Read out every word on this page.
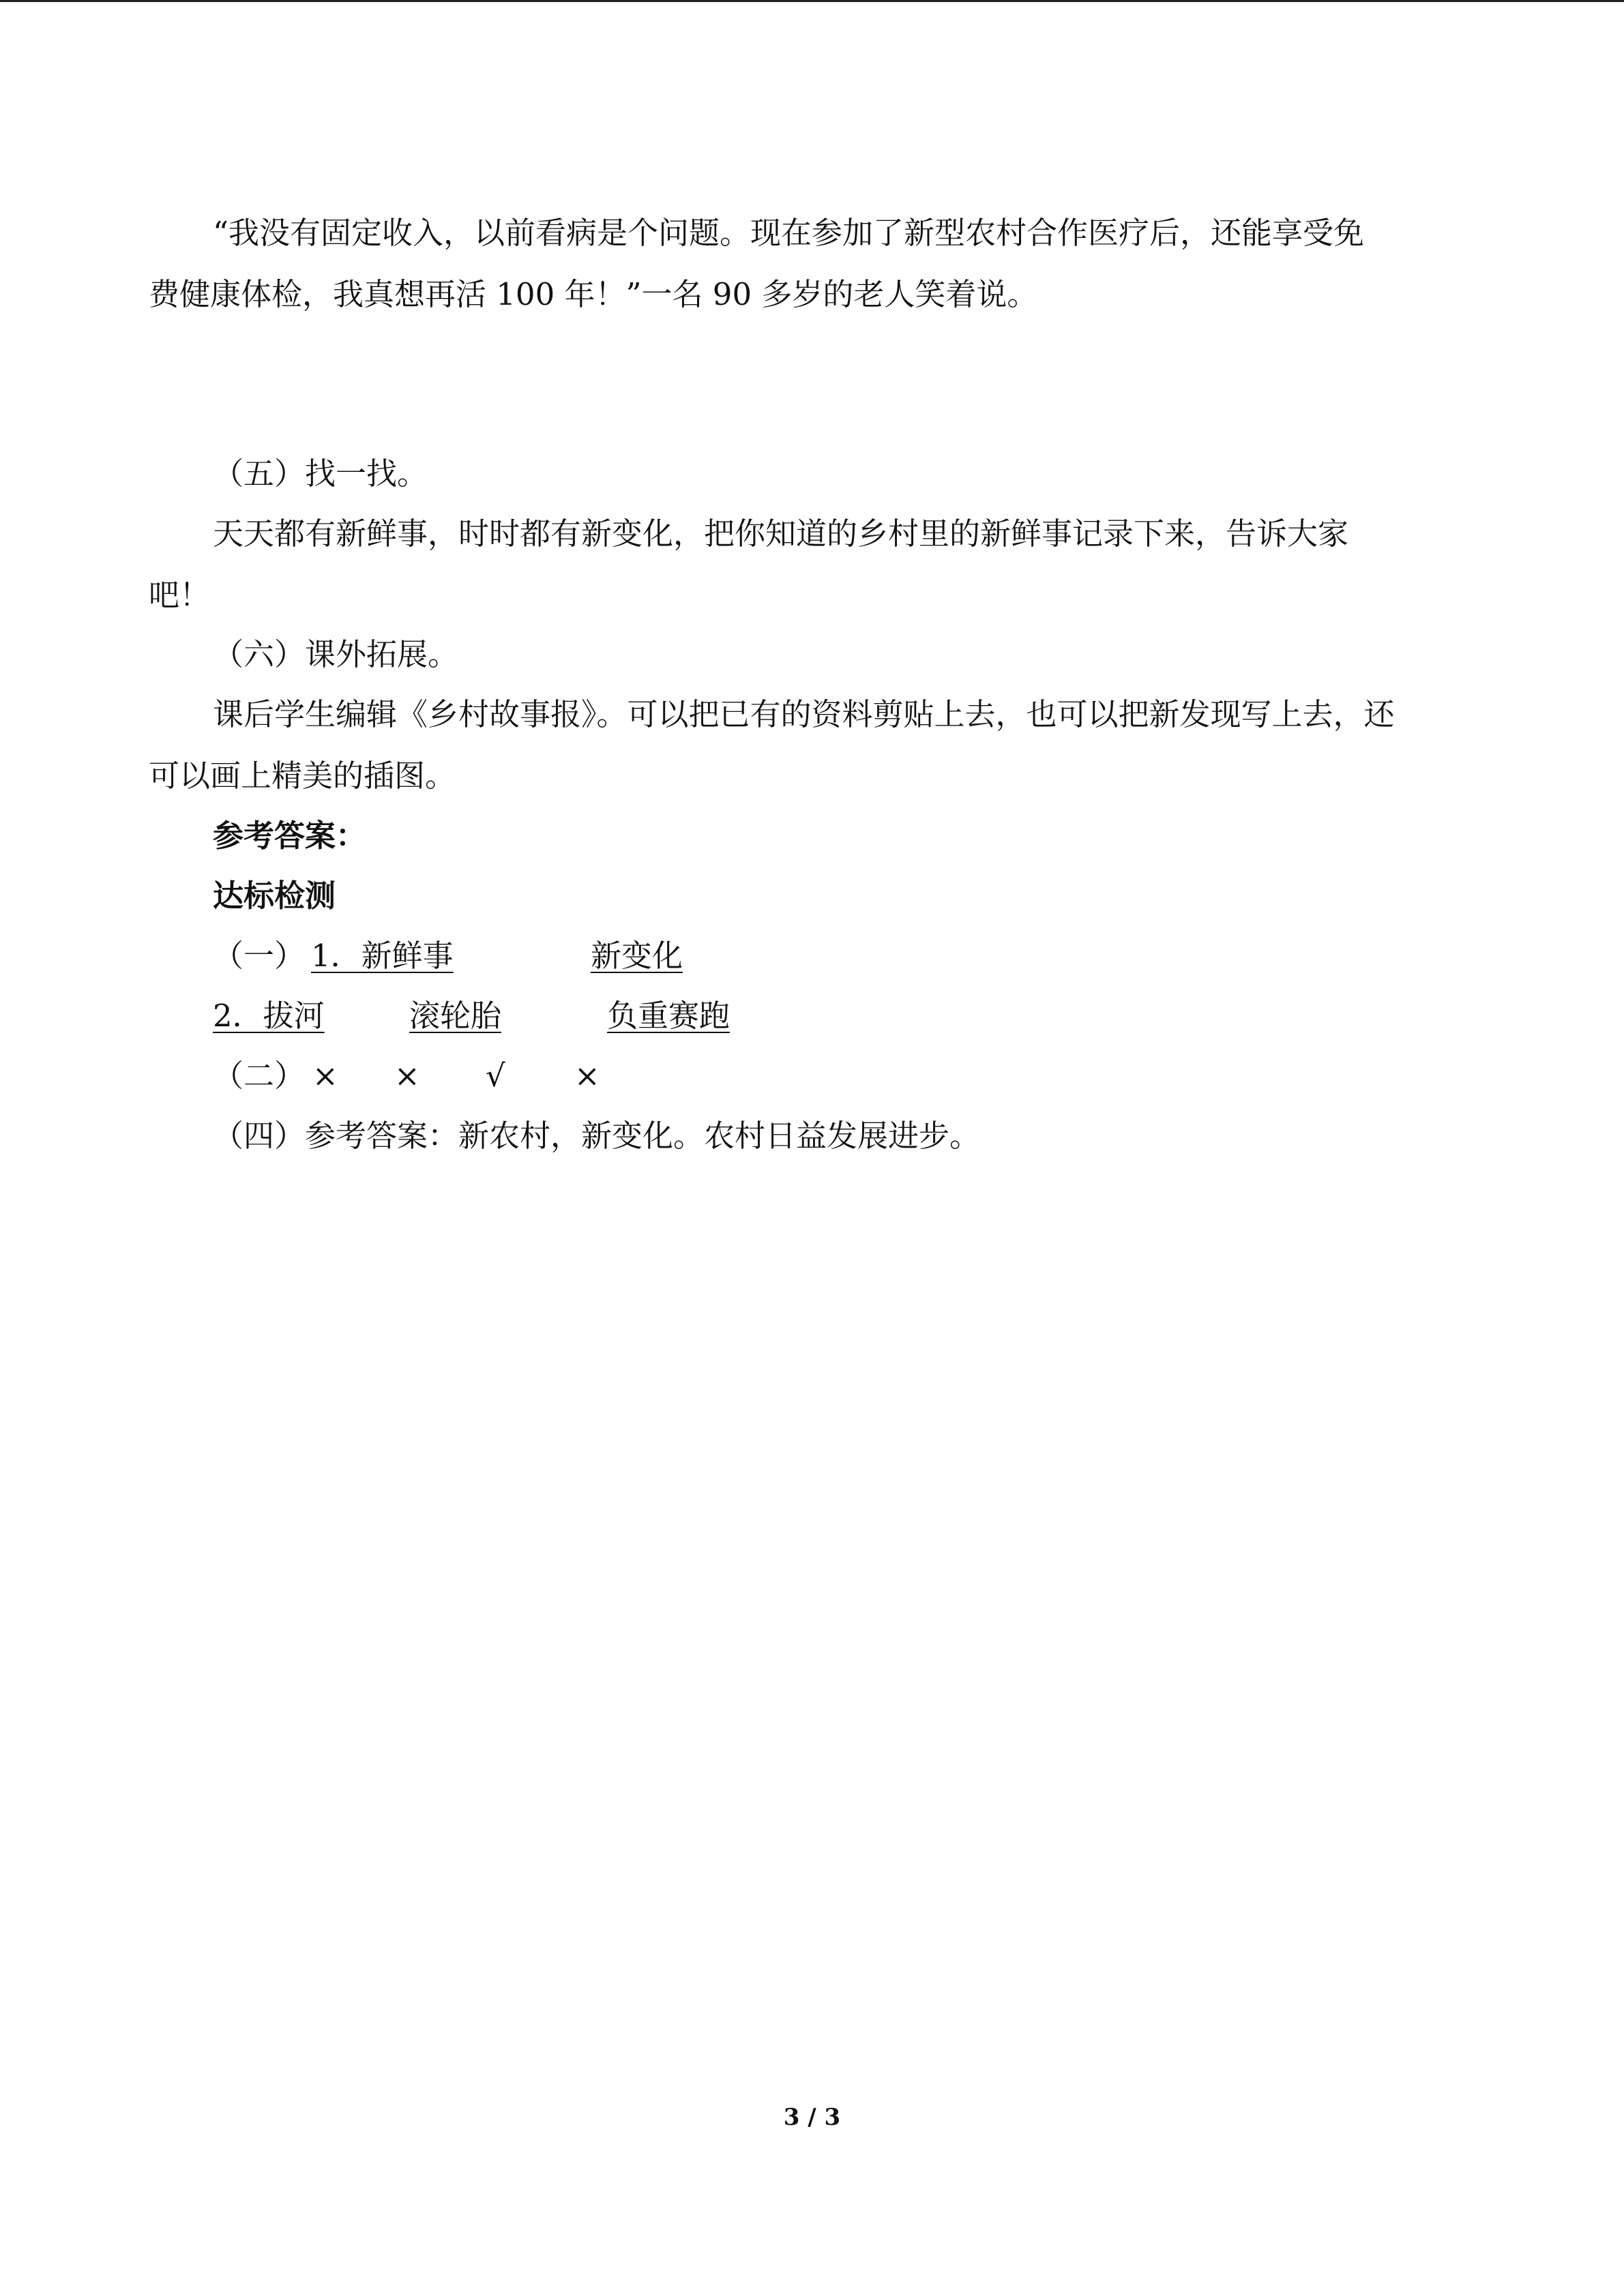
“我没有固定收入，以前看病是个问题。现在参加了新型农村合作医疗后，还能享受免
费健康体检，我真想再活 100 年！”一名 90 多岁的老人笑着说。
（五）找一找。
天天都有新鲜事，时时都有新变化，把你知道的乡村里的新鲜事记录下来，告诉大家
吧！
（六）课外拓展。
课后学生编辑《乡村故事报》。可以把已有的资料剪贴上去，也可以把新发现写上去，还
可以画上精美的插图。
参考答案：
达标检测
（一） 1．新鲜事	新变化
2．拔河	滚轮胎	负重赛跑
（二） × × √ ×
（四）参考答案：新农村，新变化。农村日益发展进步。
3 / 3
